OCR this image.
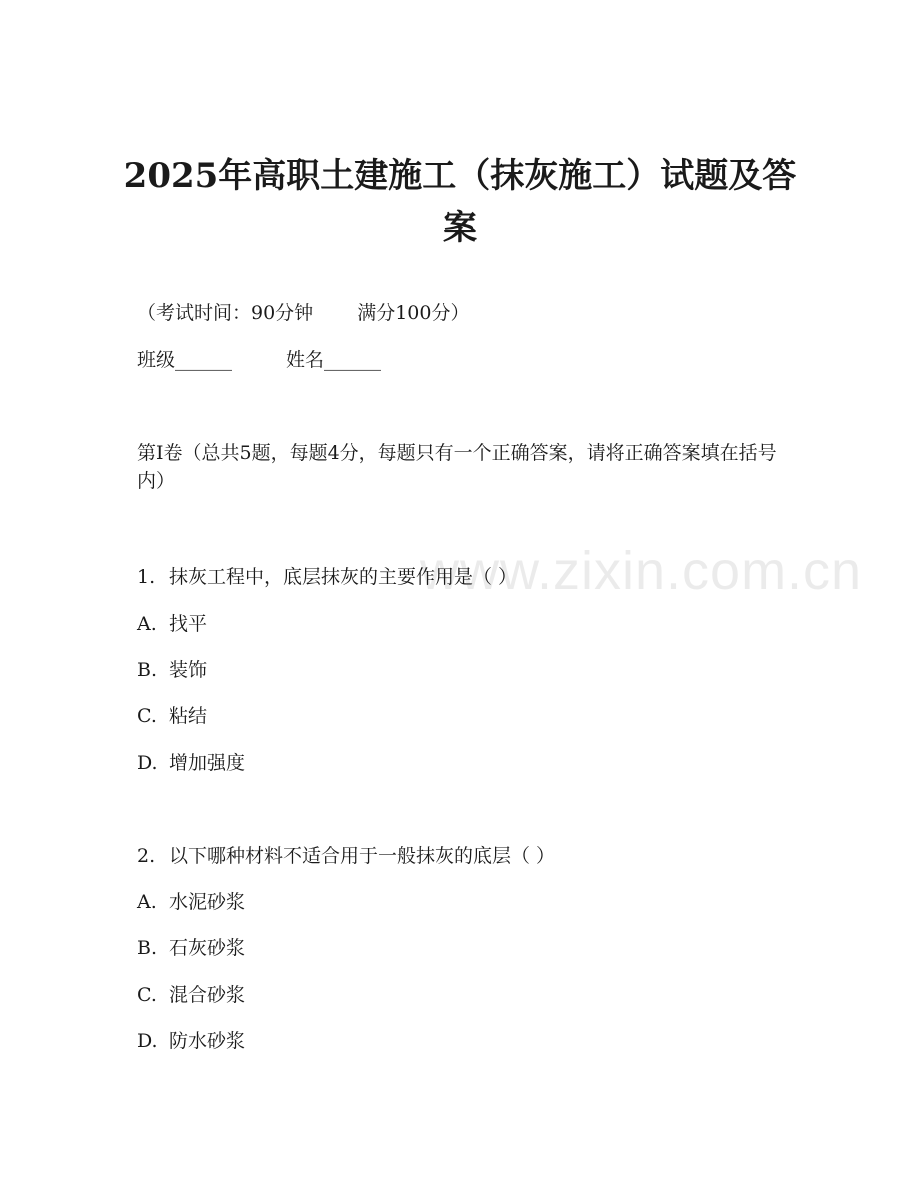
2025年高职土建施工（抹灰施工）试题及答
案
（考试时间：90分钟 满分100分）
班级______	姓名______
第I卷（总共5题，每题4分，每题只有一个正确答案，请将正确答案填在括号内）
www.zixin.com.cn
1. 抹灰工程中，底层抹灰的主要作用是（ ）
A. 找平
B. 装饰
C. 粘结
D. 增加强度
2. 以下哪种材料不适合用于一般抹灰的底层（ ）
A. 水泥砂浆
B. 石灰砂浆
C. 混合砂浆
D. 防水砂浆
